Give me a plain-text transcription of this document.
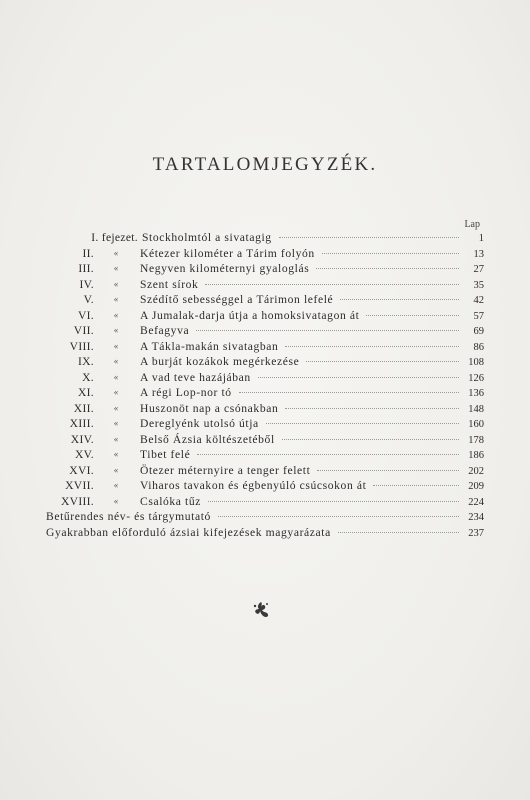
TARTALOMJEGYZÉK.
Lap
I. fejezet. Stockholmtól a sivatagig	1
II.	«	Kétezer kilométer a Tárim folyón	13
III.	«	Negyven kilométernyi gyaloglás	27
IV.	«	Szent sírok	35
V.	«	Szédítő sebességgel a Tárimon lefelé	42
VI.	«	A Jumalak-darja útja a homoksivatagon át	57
VII.	«	Befagyva	69
VIII.	«	A Tákla-makán sivatagban	86
IX.	«	A burját kozákok megérkezése	108
X.	«	A vad teve hazájában	126
XI.	«	A régi Lop-nor tó	136
XII.	«	Huszonöt nap a csónakban	148
XIII.	«	Dereglyénk utolsó útja	160
XIV.	«	Belső Ázsia költészetéből	178
XV.	«	Tibet felé	186
XVI.	«	Ötezer méternyire a tenger felett	202
XVII.	«	Viharos tavakon és égbenyúló csúcsokon át	209
XVIII.	«	Csalóka tűz	224
Betűrendes név- és tárgymutató	234
Gyakrabban előforduló ázsiai kifejezések magyarázata	237
